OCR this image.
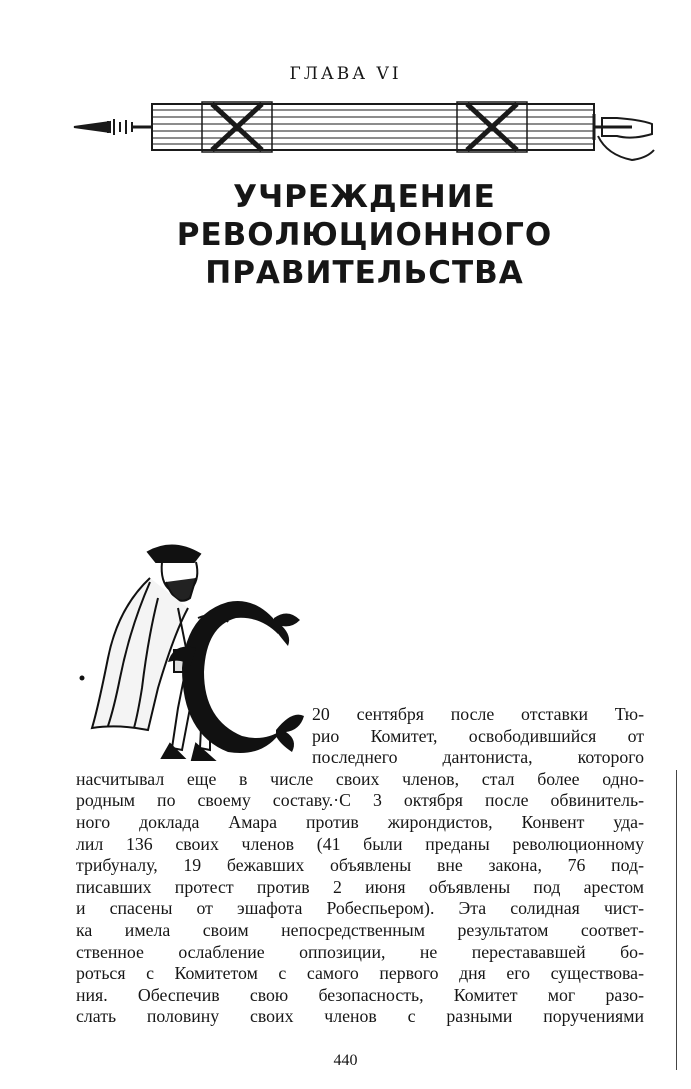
ГЛАВА VI
УЧРЕЖДЕНИЕ
РЕВОЛЮЦИОННОГО
ПРАВИТЕЛЬСТВА
20 сентября после отставки Тю-
рио Комитет, освободившийся от
последнего дантониста, которого
насчитывал еще в числе своих членов, стал более одно-
родным по своему составу.·С 3 октября после обвинитель-
ного доклада Амара против жирондистов, Конвент уда-
лил 136 своих членов (41 были преданы революционному
трибуналу, 19 бежавших объявлены вне закона, 76 под-
писавших протест против 2 июня объявлены под арестом
и спасены от эшафота Робеспьером). Эта солидная чист-
ка имела своим непосредственным результатом соответ-
ственное ослабление оппозиции, не перестававшей бо-
роться с Комитетом с самого первого дня его существова-
ния. Обеспечив свою безопасность, Комитет мог разо-
слать половину своих членов с разными поручениями
440
